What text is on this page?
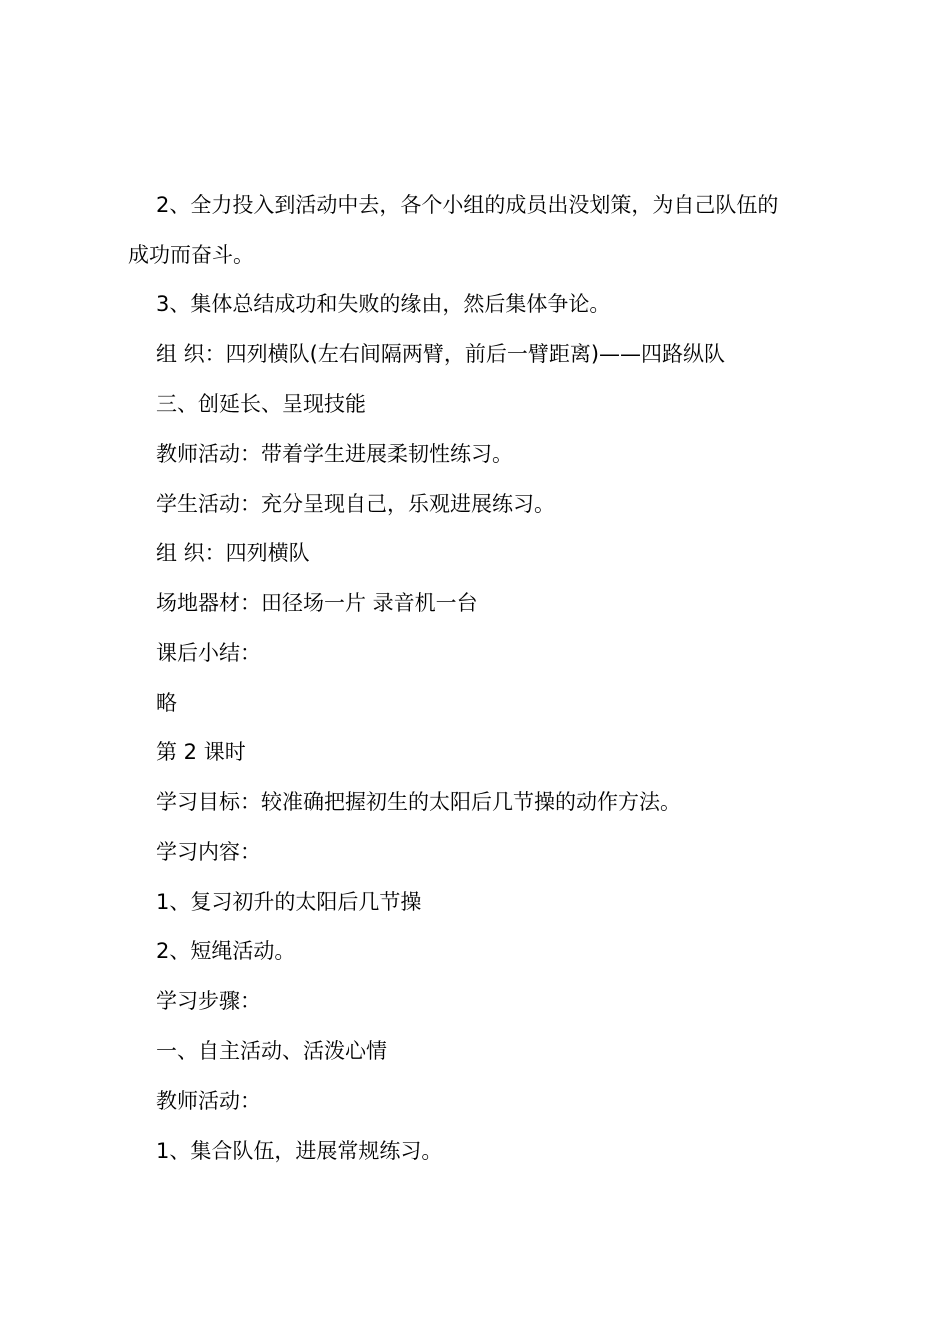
2、全力投入到活动中去，各个小组的成员出没划策，为自己队伍的
成功而奋斗。
3、集体总结成功和失败的缘由，然后集体争论。
组 织：四列横队(左右间隔两臂，前后一臂距离)——四路纵队
三、创延长、呈现技能
教师活动：带着学生进展柔韧性练习。
学生活动：充分呈现自己，乐观进展练习。
组 织：四列横队
场地器材：田径场一片 录音机一台
课后小结：
略
第 2 课时
学习目标：较准确把握初生的太阳后几节操的动作方法。
学习内容：
1、复习初升的太阳后几节操
2、短绳活动。
学习步骤：
一、自主活动、活泼心情
教师活动：
1、集合队伍，进展常规练习。
